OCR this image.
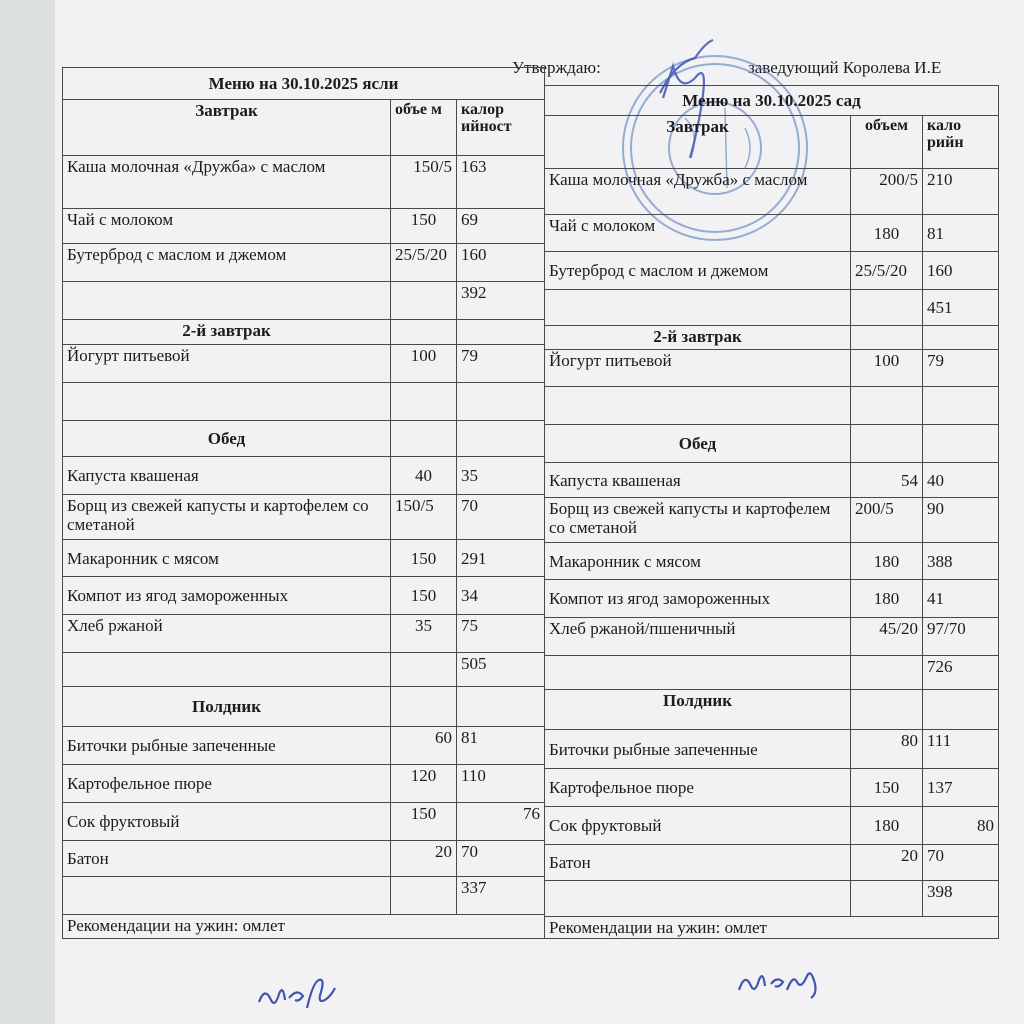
Утверждаю:	заведующий Королева И.Е
Меню на 30.10.2025 ясли		
Завтрак	объе м	калор ийност
Каша молочная «Дружба» с маслом	150/5	163
Чай с молоком	150	69
Бутерброд с маслом и джемом	25/5/20	160
		392
2-й завтрак		
Йогурт питьевой	100	79

Обед		
Капуста квашеная	40	35
Борщ из свежей капусты и картофелем со сметаной	150/5	70
Макаронник с мясом	150	291
Компот из ягод замороженных	150	34
Хлеб ржаной	35	75
		505
Полдник		
Биточки рыбные запеченные	60	81
Картофельное пюре	120	110
Сок фруктовый	150	76
Батон	20	70
		337
Рекомендации на ужин: омлет		
Меню на 30.10.2025 сад		
Завтрак	объем	кало рийн
Каша молочная «Дружба» с маслом	200/5	210
Чай с молоком	180	81
Бутерброд с маслом и джемом	25/5/20	160
		451
2-й завтрак		
Йогурт питьевой	100	79

Обед		
Капуста квашеная	54	40
Борщ из свежей капусты и картофелем со сметаной	200/5	90
Макаронник с мясом	180	388
Компот из ягод замороженных	180	41
Хлеб ржаной/пшеничный	45/20	97/70
		726
Полдник		
Биточки рыбные запеченные	80	111
Картофельное пюре	150	137
Сок фруктовый	180	80
Батон	20	70
		398
Рекомендации на ужин: омлет		
